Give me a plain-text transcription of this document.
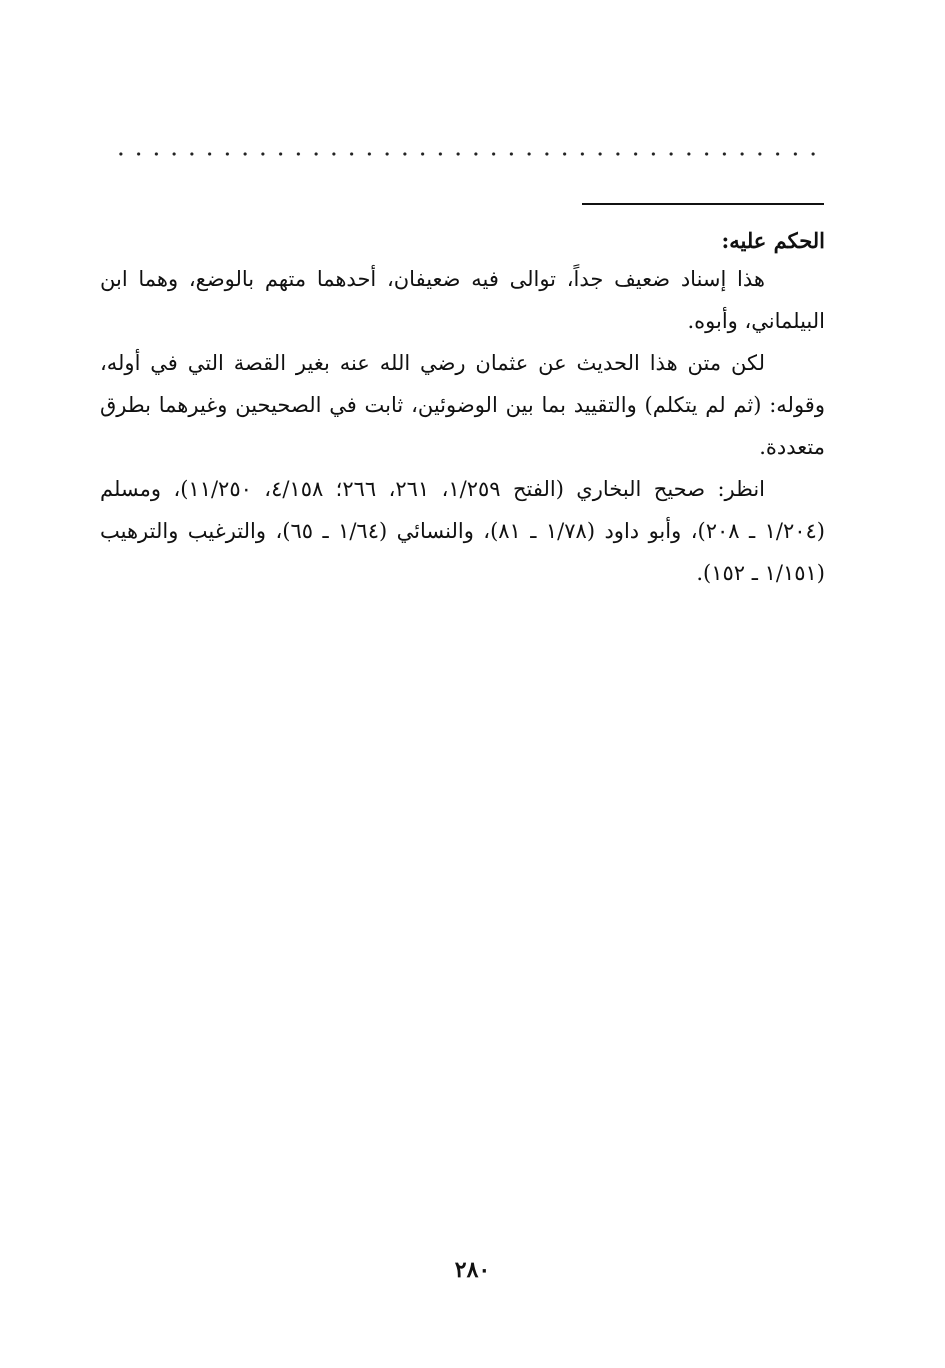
الحكم عليه:

هذا إسناد ضعيف جداً، توالى فيه ضعيفان، أحدهما متهم بالوضع، وهما ابن البيلماني، وأبوه.

لكن متن هذا الحديث عن عثمان رضي الله عنه بغير القصة التي في أوله، وقوله: (ثم لم يتكلم) والتقييد بما بين الوضوئين، ثابت في الصحيحين وغيرهما بطرق متعددة.

انظر: صحيح البخاري (الفتح ١/٢٥٩، ٢٦١، ٢٦٦؛ ٤/١٥٨، ١١/٢٥٠)، ومسلم (١/٢٠٤ ـ ٢٠٨)، وأبو داود (١/٧٨ ـ ٨١)، والنسائي (١/٦٤ ـ ٦٥)، والترغيب والترهيب (١/١٥١ ـ ١٥٢).

٢٨٠
